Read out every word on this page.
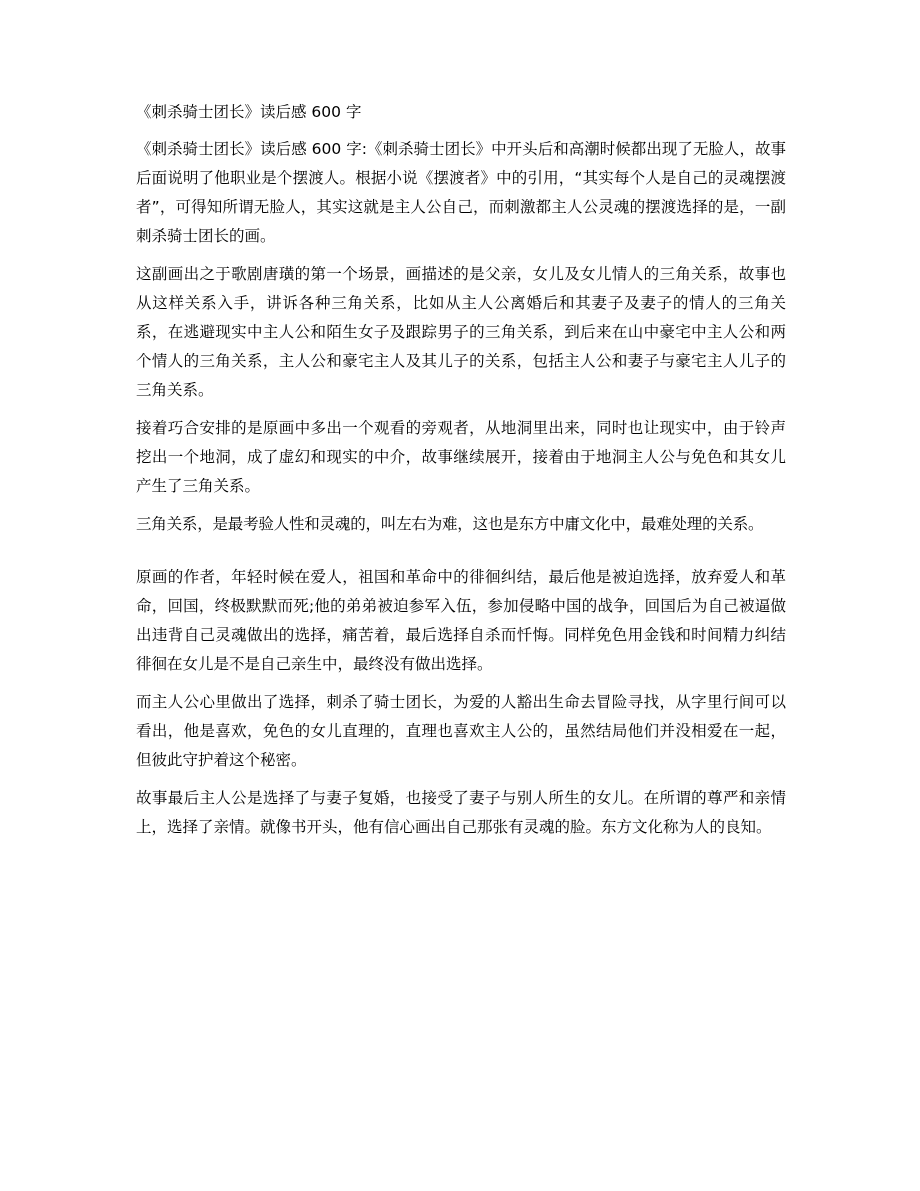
《刺杀骑士团长》读后感 600 字

《刺杀骑士团长》读后感 600 字:《刺杀骑士团长》中开头后和高潮时候都出现了无脸人，故事后面说明了他职业是个摆渡人。根据小说《摆渡者》中的引用，“其实每个人是自己的灵魂摆渡者”，可得知所谓无脸人，其实这就是主人公自己，而刺激都主人公灵魂的摆渡选择的是，一副刺杀骑士团长的画。

这副画出之于歌剧唐璜的第一个场景，画描述的是父亲，女儿及女儿情人的三角关系，故事也从这样关系入手，讲诉各种三角关系，比如从主人公离婚后和其妻子及妻子的情人的三角关系，在逃避现实中主人公和陌生女子及跟踪男子的三角关系，到后来在山中豪宅中主人公和两个情人的三角关系，主人公和豪宅主人及其儿子的关系，包括主人公和妻子与豪宅主人儿子的三角关系。

接着巧合安排的是原画中多出一个观看的旁观者，从地洞里出来，同时也让现实中，由于铃声挖出一个地洞，成了虚幻和现实的中介，故事继续展开，接着由于地洞主人公与免色和其女儿产生了三角关系。

三角关系，是最考验人性和灵魂的，叫左右为难，这也是东方中庸文化中，最难处理的关系。

原画的作者，年轻时候在爱人，祖国和革命中的徘徊纠结，最后他是被迫选择，放弃爱人和革命，回国，终极默默而死;他的弟弟被迫参军入伍，参加侵略中国的战争，回国后为自己被逼做出违背自己灵魂做出的选择，痛苦着，最后选择自杀而忏悔。同样免色用金钱和时间精力纠结徘徊在女儿是不是自己亲生中，最终没有做出选择。

而主人公心里做出了选择，刺杀了骑士团长，为爱的人豁出生命去冒险寻找，从字里行间可以看出，他是喜欢，免色的女儿直理的，直理也喜欢主人公的，虽然结局他们并没相爱在一起，但彼此守护着这个秘密。

故事最后主人公是选择了与妻子复婚，也接受了妻子与别人所生的女儿。在所谓的尊严和亲情上，选择了亲情。就像书开头，他有信心画出自己那张有灵魂的脸。东方文化称为人的良知。
